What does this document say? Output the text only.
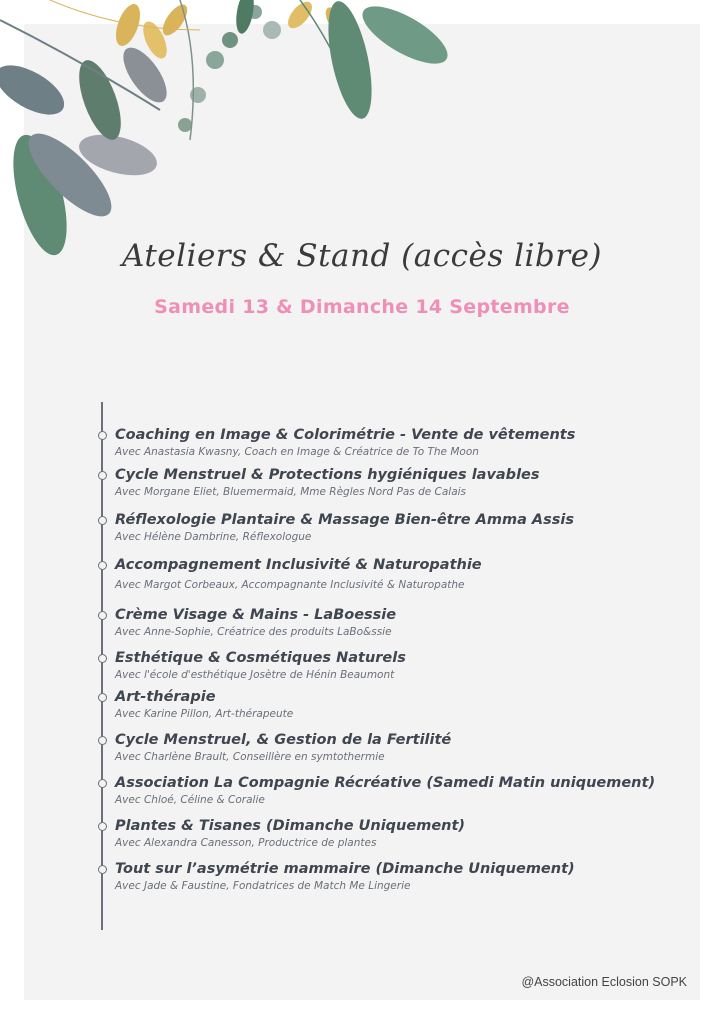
Ateliers & Stand (accès libre)
Samedi 13 & Dimanche 14 Septembre
Coaching en Image & Colorimétrie - Vente de vêtements
Avec Anastasia Kwasny, Coach en Image & Créatrice de To The Moon
Cycle Menstruel & Protections hygiéniques lavables
Avec Morgane Eliet, Bluemermaid, Mme Règles Nord Pas de Calais
Réflexologie Plantaire & Massage Bien-être Amma Assis
Avec Hélène Dambrine, Réflexologue
Accompagnement Inclusivité & Naturopathie
Avec Margot Corbeaux, Accompagnante Inclusivité & Naturopathe
Crème Visage & Mains - LaBoessie
Avec Anne-Sophie, Créatrice des produits LaBo&ssie
Esthétique & Cosmétiques Naturels
Avec l'école d'esthétique Josètre de Hénin Beaumont
Art-thérapie
Avec Karine Pillon, Art-thérapeute
Cycle Menstruel, & Gestion de la Fertilité
Avec Charlène Brault, Conseillère en symtothermie
Association La Compagnie Récréative (Samedi Matin uniquement)
Avec Chloé, Céline & Coralie
Plantes & Tisanes (Dimanche Uniquement)
Avec Alexandra Canesson, Productrice de plantes
Tout sur l’asymétrie mammaire (Dimanche Uniquement)
Avec Jade & Faustine, Fondatrices de Match Me Lingerie
@Association Eclosion SOPK
